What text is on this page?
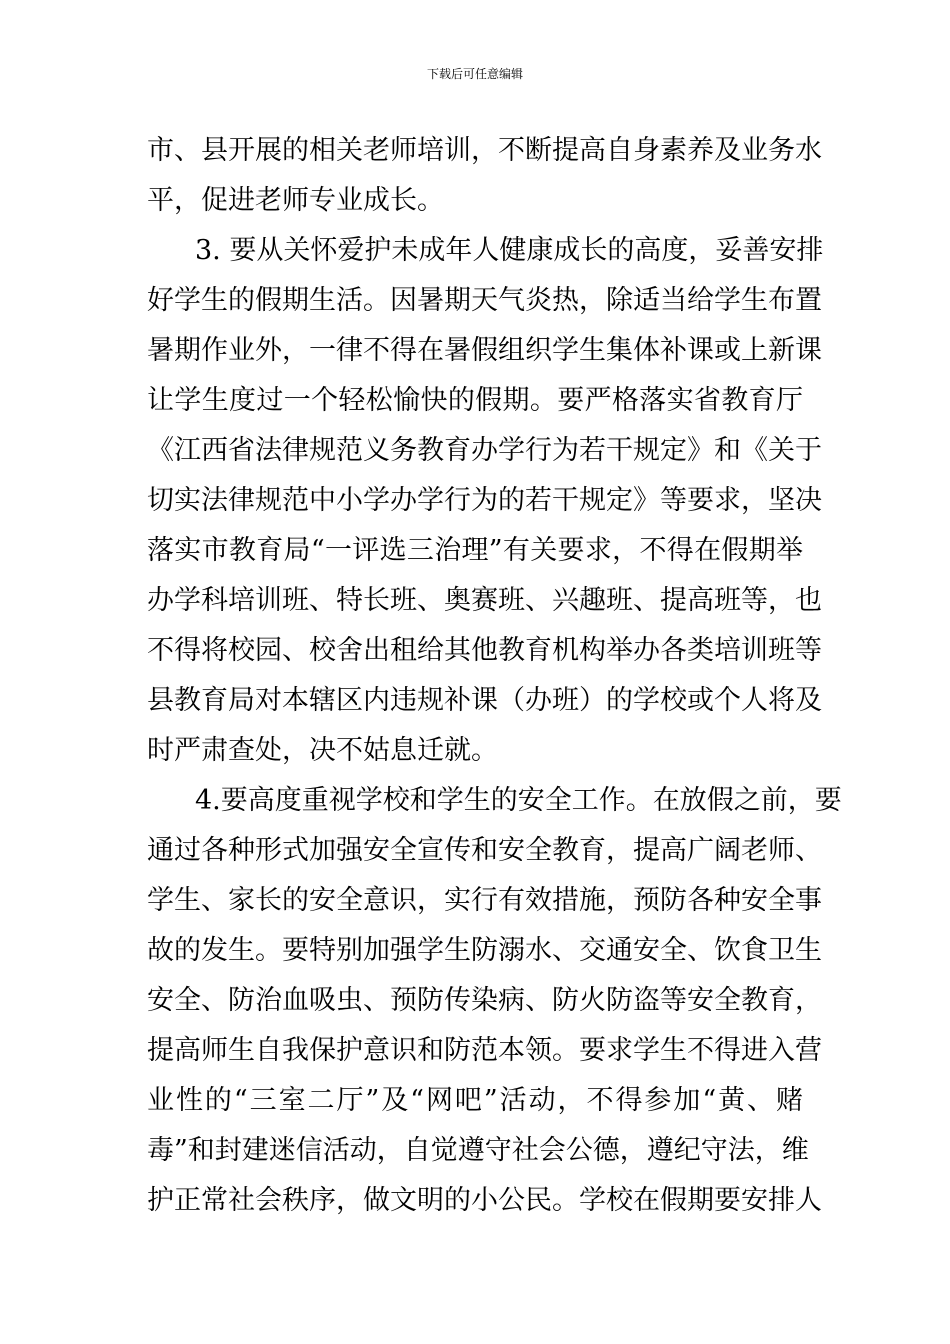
下载后可任意编辑
市、县开展的相关老师培训，不断提高自身素养及业务水
平，促进老师专业成长。
3. 要从关怀爱护未成年人健康成长的高度，妥善安排
好学生的假期生活。因暑期天气炎热，除适当给学生布置
暑期作业外，一律不得在暑假组织学生集体补课或上新课
让学生度过一个轻松愉快的假期。要严格落实省教育厅
《江西省法律规范义务教育办学行为若干规定》和《关于
切实法律规范中小学办学行为的若干规定》等要求，坚决
落实市教育局“一评选三治理”有关要求，不得在假期举
办学科培训班、特长班、奥赛班、兴趣班、提高班等，也
不得将校园、校舍出租给其他教育机构举办各类培训班等
县教育局对本辖区内违规补课（办班）的学校或个人将及
时严肃查处，决不姑息迁就。
4.要高度重视学校和学生的安全工作。在放假之前，要
通过各种形式加强安全宣传和安全教育，提高广阔老师、
学生、家长的安全意识，实行有效措施，预防各种安全事
故的发生。要特别加强学生防溺水、交通安全、饮食卫生
安全、防治血吸虫、预防传染病、防火防盗等安全教育，
提高师生自我保护意识和防范本领。要求学生不得进入营
业性的“三室二厅”及“网吧”活动，不得参加“黄、赌
毒”和封建迷信活动，自觉遵守社会公德，遵纪守法，维
护正常社会秩序，做文明的小公民。学校在假期要安排人
